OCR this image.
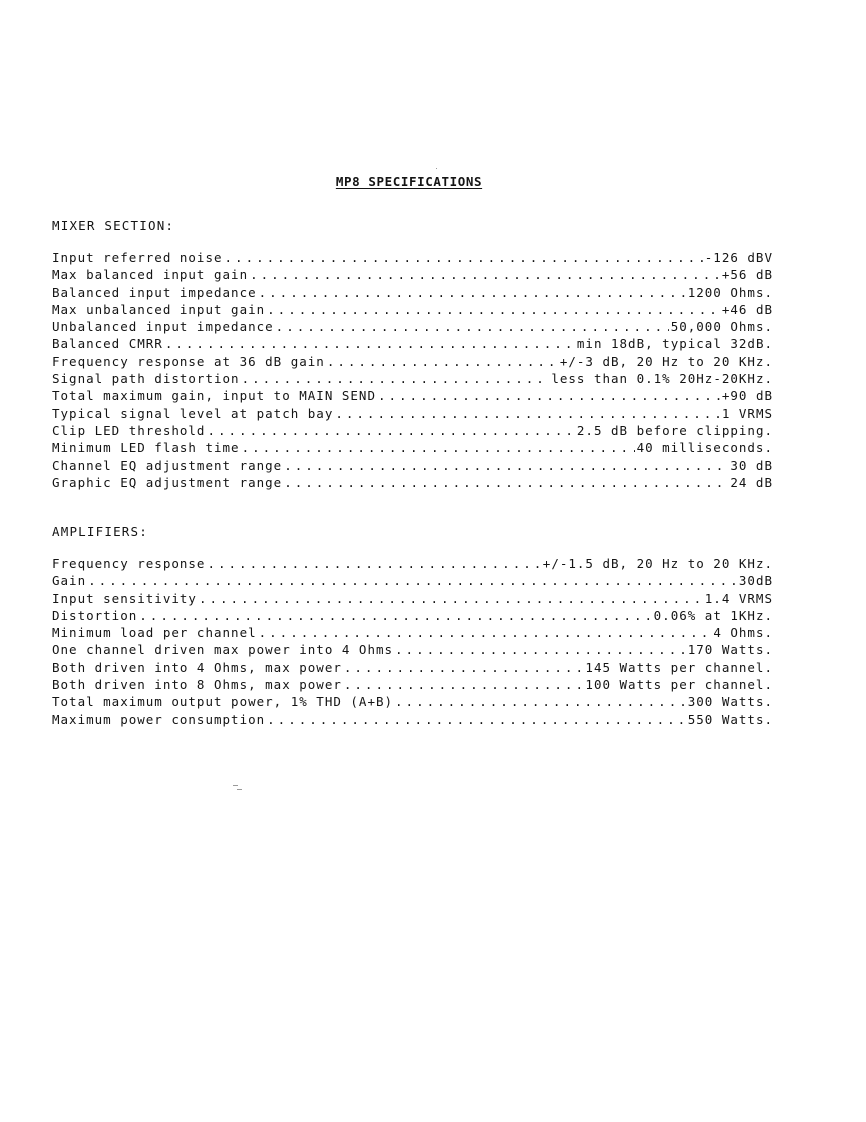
MP8 SPECIFICATIONS
MIXER SECTION:
Input referred noise .....	-126 dBV
Max balanced input gain .....	+56 dB
Balanced input impedance .....	1200 Ohms.
Max unbalanced input gain .....	+46 dB
Unbalanced input impedance .....	50,000 Ohms.
Balanced CMRR .....	min 18dB, typical 32dB.
Frequency response at 36 dB gain .....	+/-3 dB, 20 Hz to 20 KHz.
Signal path distortion .....	less than 0.1% 20Hz-20KHz.
Total maximum gain, input to MAIN SEND .....	+90 dB
Typical signal level at patch bay .....	1 VRMS
Clip LED threshold .....	2.5 dB before clipping.
Minimum LED flash time .....	40 milliseconds.
Channel EQ adjustment range .....	30 dB
Graphic EQ adjustment range .....	24 dB
AMPLIFIERS:
Frequency response .....	+/-1.5 dB, 20 Hz to 20 KHz.
Gain .....	30dB
Input sensitivity .....	1.4 VRMS
Distortion .....	0.06% at 1KHz.
Minimum load per channel .....	4 Ohms.
One channel driven max power into 4 Ohms .....	170 Watts.
Both driven into 4 Ohms, max power .....	145 Watts per channel.
Both driven into 8 Ohms, max power .....	100 Watts per channel.
Total maximum output power, 1% THD (A+B) .....	300 Watts.
Maximum power consumption .....	550 Watts.
